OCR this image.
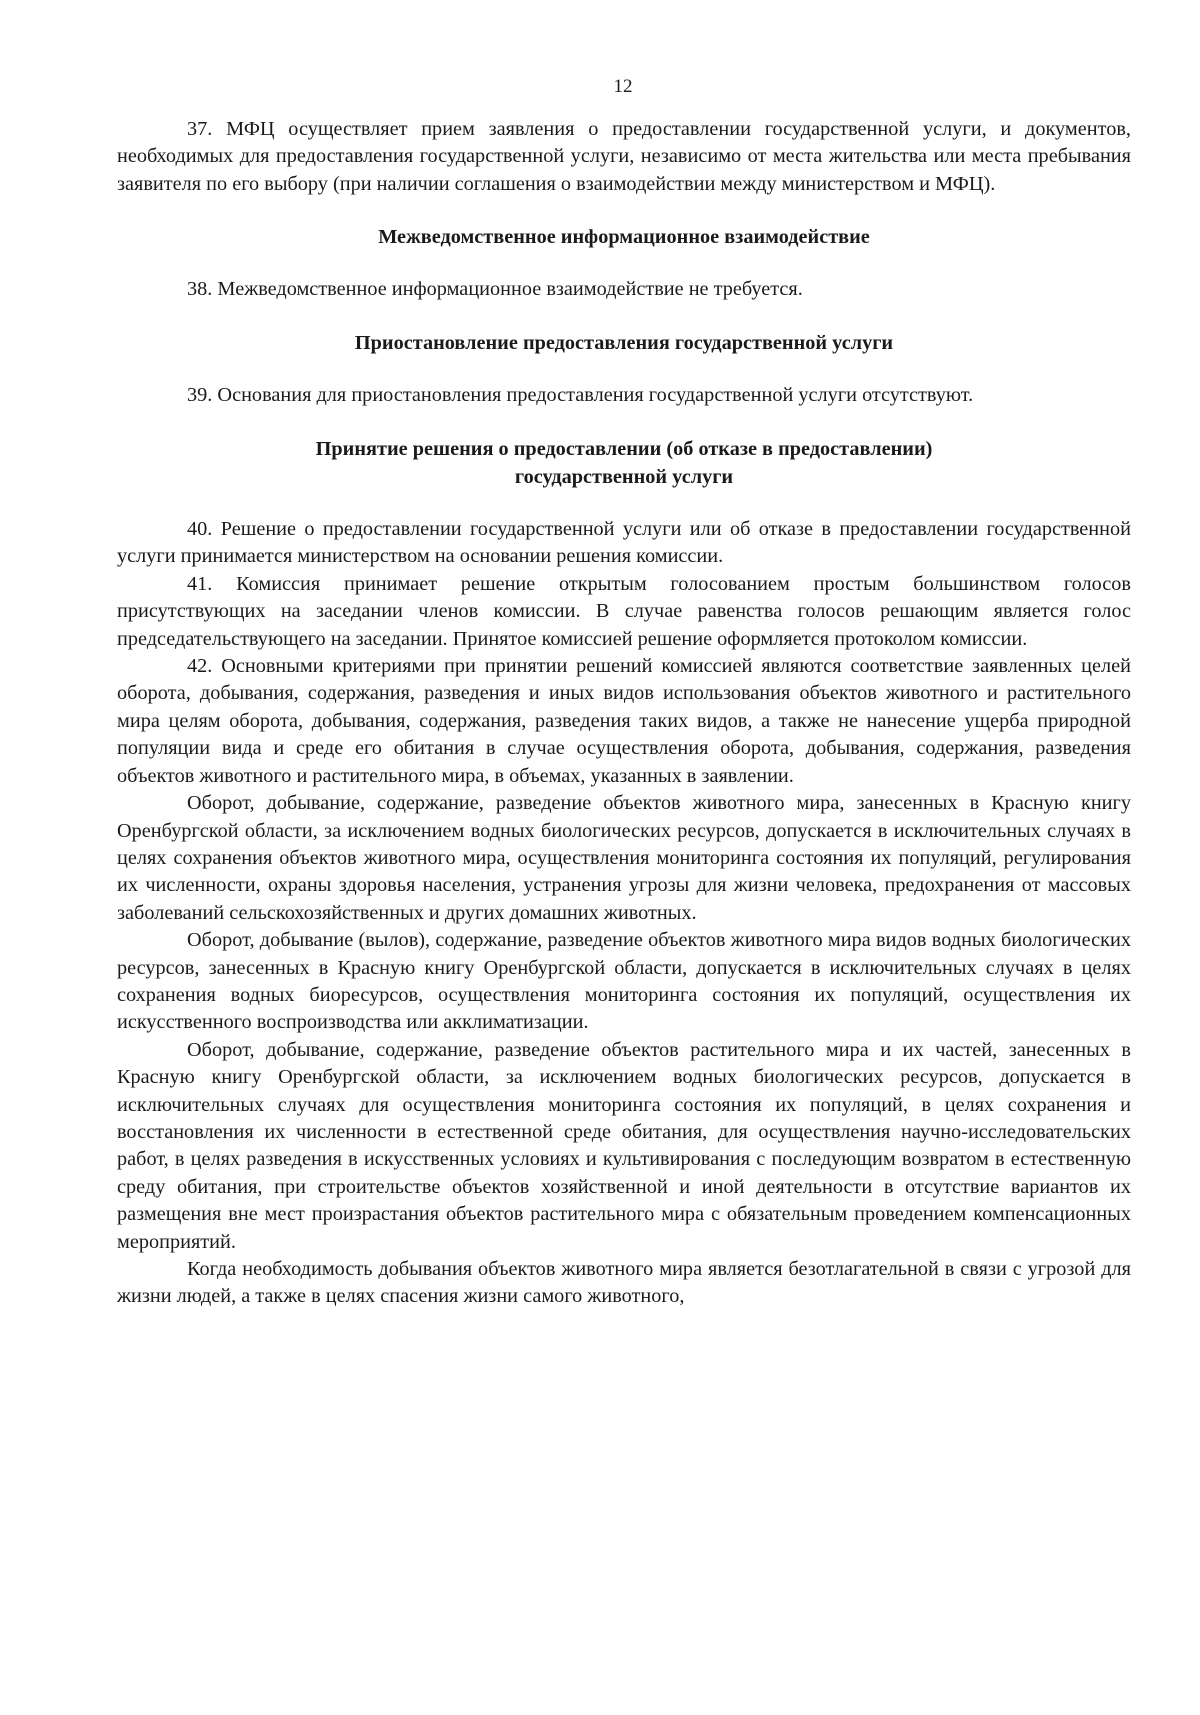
12

37. МФЦ осуществляет прием заявления о предоставлении государственной услуги, и документов, необходимых для предоставления государственной услуги, независимо от места жительства или места пребывания заявителя по его выбору (при наличии соглашения о взаимодействии между министерством и МФЦ).

Межведомственное информационное взаимодействие

38. Межведомственное информационное взаимодействие не требуется.

Приостановление предоставления государственной услуги

39. Основания для приостановления предоставления государственной услуги отсутствуют.

Принятие решения о предоставлении (об отказе в предоставлении)
государственной услуги

40. Решение о предоставлении государственной услуги или об отказе в предоставлении государственной услуги принимается министерством на основании решения комиссии.

41. Комиссия принимает решение открытым голосованием простым большинством голосов присутствующих на заседании членов комиссии. В случае равенства голосов решающим является голос председательствующего на заседании. Принятое комиссией решение оформляется протоколом комиссии.

42. Основными критериями при принятии решений комиссией являются соответствие заявленных целей оборота, добывания, содержания, разведения и иных видов использования объектов животного и растительного мира целям оборота, добывания, содержания, разведения таких видов, а также не нанесение ущерба природной популяции вида и среде его обитания в случае осуществления оборота, добывания, содержания, разведения объектов животного и растительного мира, в объемах, указанных в заявлении.

Оборот, добывание, содержание, разведение объектов животного мира, занесенных в Красную книгу Оренбургской области, за исключением водных биологических ресурсов, допускается в исключительных случаях в целях сохранения объектов животного мира, осуществления мониторинга состояния их популяций, регулирования их численности, охраны здоровья населения, устранения угрозы для жизни человека, предохранения от массовых заболеваний сельскохозяйственных и других домашних животных.

Оборот, добывание (вылов), содержание, разведение объектов животного мира видов водных биологических ресурсов, занесенных в Красную книгу Оренбургской области, допускается в исключительных случаях в целях сохранения водных биоресурсов, осуществления мониторинга состояния их популяций, осуществления их искусственного воспроизводства или акклиматизации.

Оборот, добывание, содержание, разведение объектов растительного мира и их частей, занесенных в Красную книгу Оренбургской области, за исключением водных биологических ресурсов, допускается в исключительных случаях для осуществления мониторинга состояния их популяций, в целях сохранения и восстановления их численности в естественной среде обитания, для осуществления научно-исследовательских работ, в целях разведения в искусственных условиях и культивирования с последующим возвратом в естественную среду обитания, при строительстве объектов хозяйственной и иной деятельности в отсутствие вариантов их размещения вне мест произрастания объектов растительного мира с обязательным проведением компенсационных мероприятий.

Когда необходимость добывания объектов животного мира является безотлагательной в связи с угрозой для жизни людей, а также в целях спасения жизни самого животного,
